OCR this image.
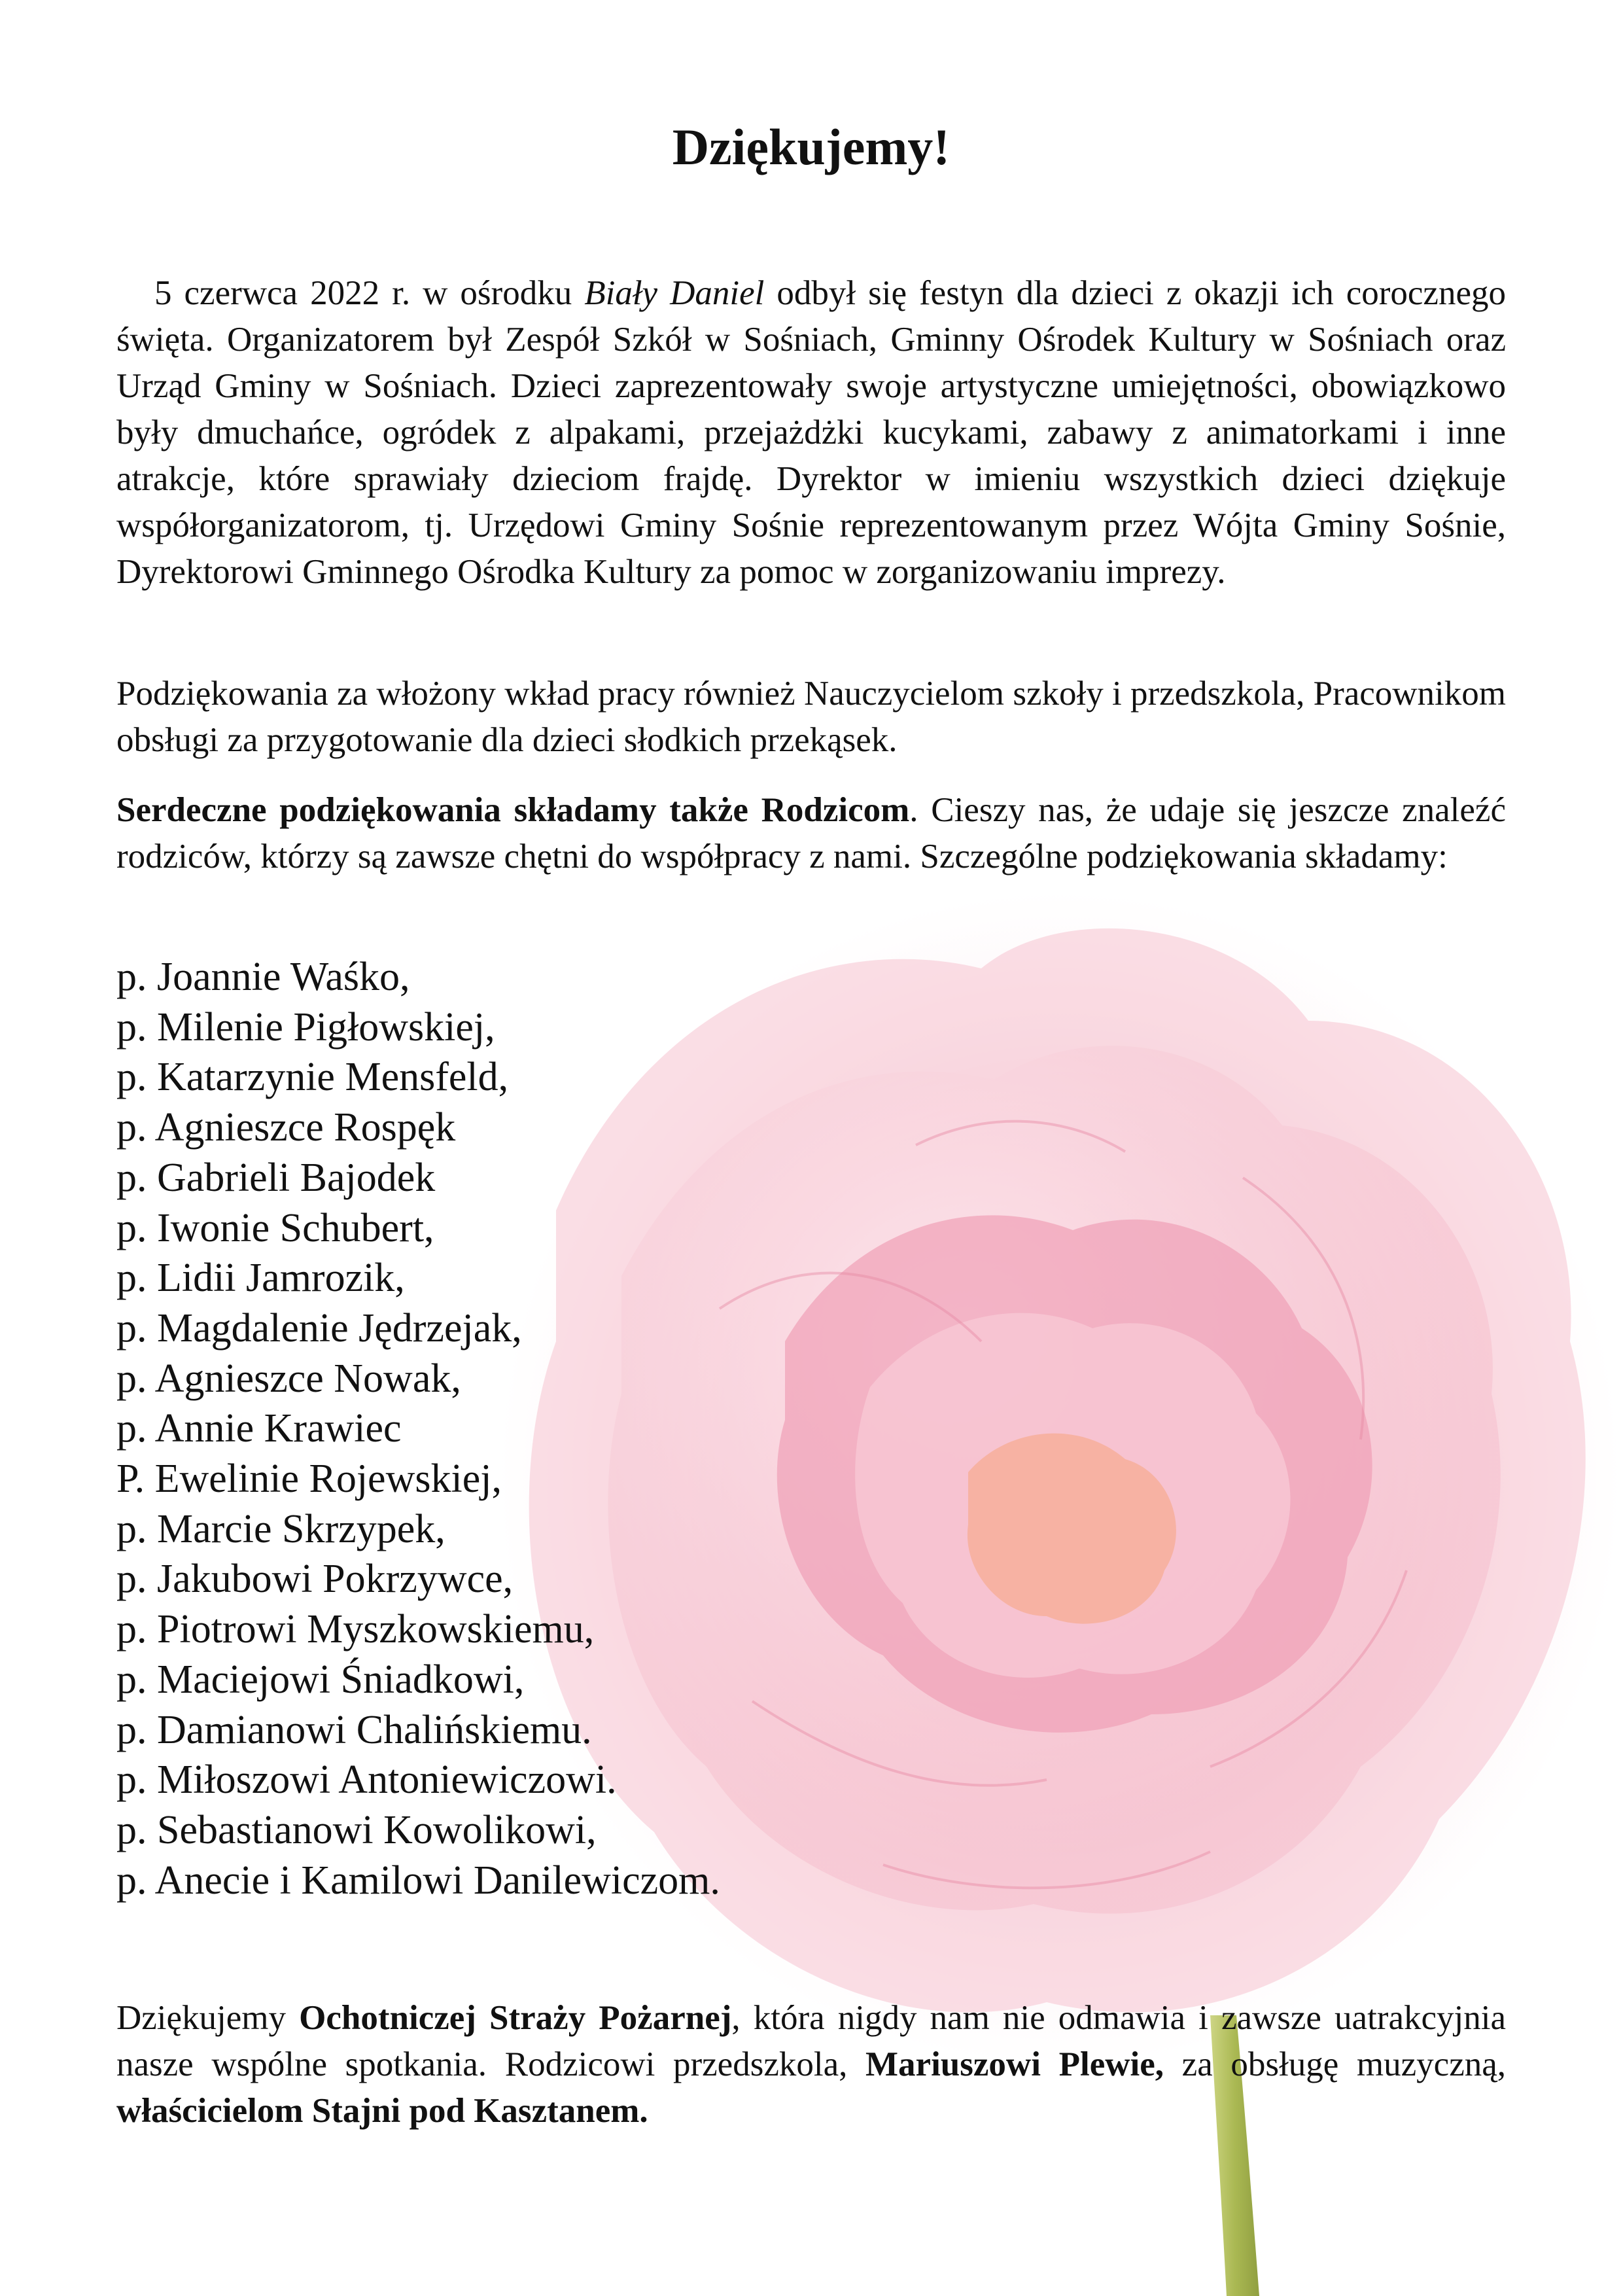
Dziękujemy!

5 czerwca 2022 r. w ośrodku Biały Daniel odbył się festyn dla dzieci z okazji ich corocznego święta. Organizatorem był Zespół Szkół w Sośniach, Gminny Ośrodek Kultury w Sośniach oraz Urząd Gminy w Sośniach. Dzieci zaprezentowały swoje artystyczne umiejętności, obowiązkowo były dmuchańce, ogródek z alpakami, przejażdżki kucykami, zabawy z animatorkami i inne atrakcje, które sprawiały dzieciom frajdę. Dyrektor w imieniu wszystkich dzieci dziękuje współorganizatorom, tj. Urzędowi Gminy Sośnie reprezentowanym przez Wójta Gminy Sośnie, Dyrektorowi Gminnego Ośrodka Kultury za pomoc w zorganizowaniu imprezy.

Podziękowania za włożony wkład pracy również Nauczycielom szkoły i przedszkola, Pracownikom obsługi za przygotowanie dla dzieci słodkich przekąsek.

Serdeczne podziękowania składamy także Rodzicom. Cieszy nas, że udaje się jeszcze znaleźć rodziców, którzy są zawsze chętni do współpracy z nami. Szczególne podziękowania składamy:

p. Joannie Waśko,
p. Milenie Pigłowskiej,
p. Katarzynie Mensfeld,
p. Agnieszce Rospęk
p. Gabrieli Bajodek
p. Iwonie Schubert,
p. Lidii Jamrozik,
p. Magdalenie Jędrzejak,
p. Agnieszce Nowak,
p. Annie Krawiec
P. Ewelinie Rojewskiej,
p. Marcie Skrzypek,
p. Jakubowi Pokrzywce,
p. Piotrowi Myszkowskiemu,
p. Maciejowi Śniadkowi,
p. Damianowi Chalińskiemu.
p. Miłoszowi Antoniewiczowi.
p. Sebastianowi Kowolikowi,
p. Anecie i Kamilowi Danilewiczom.

Dziękujemy Ochotniczej Straży Pożarnej, która nigdy nam nie odmawia i zawsze uatrakcyjnia nasze wspólne spotkania. Rodzicowi przedszkola, Mariuszowi Plewie, za obsługę muzyczną, właścicielom Stajni pod Kasztanem.
